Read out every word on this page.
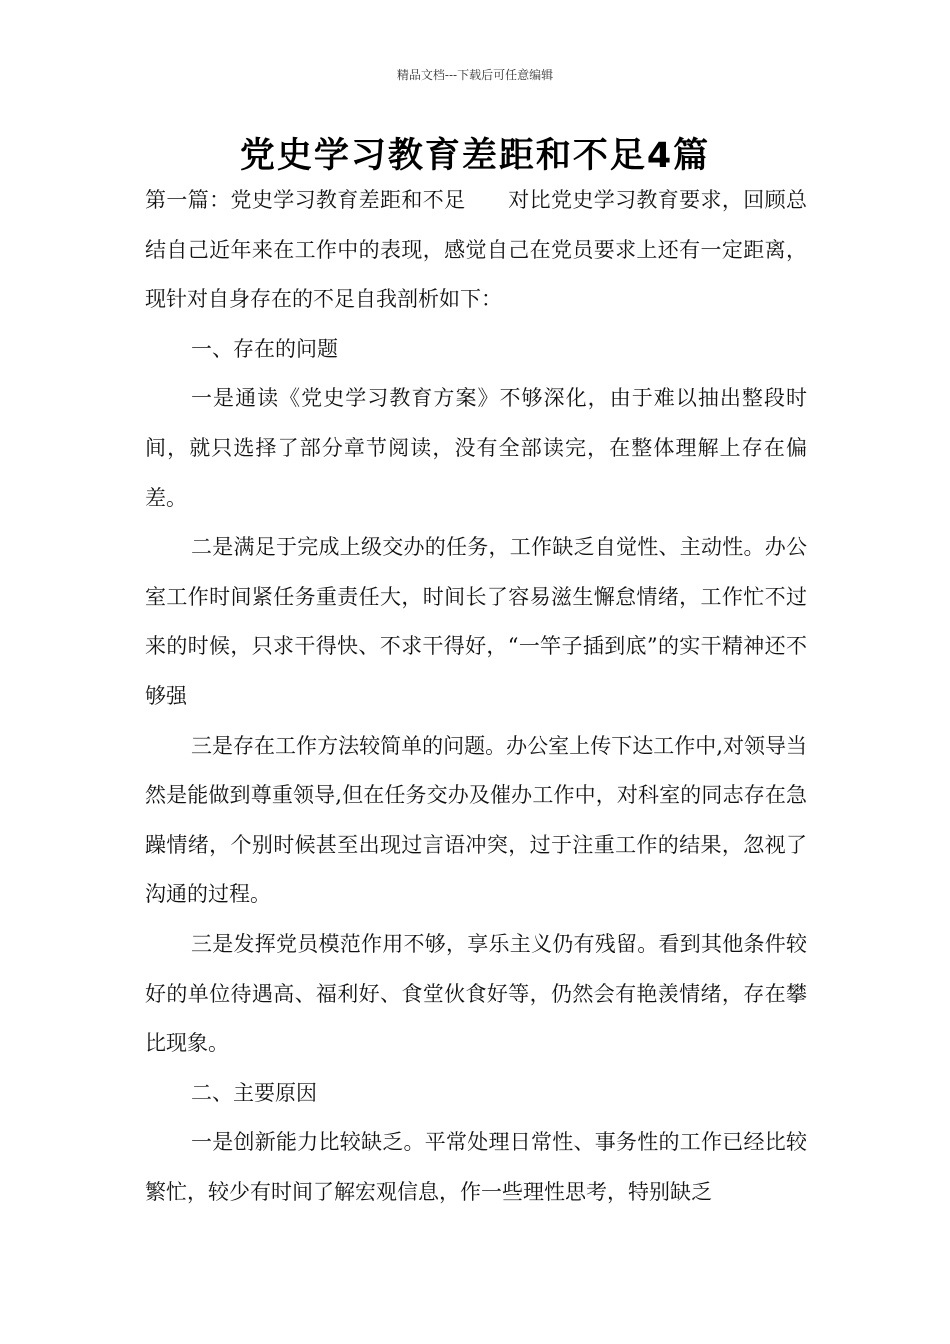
精品文档---下载后可任意编辑
党史学习教育差距和不足4篇

第一篇：党史学习教育差距和不足　　对比党史学习教育要求，回顾总结自己近年来在工作中的表现，感觉自己在党员要求上还有一定距离，现针对自身存在的不足自我剖析如下：

一、存在的问题

一是通读《党史学习教育方案》不够深化，由于难以抽出整段时间，就只选择了部分章节阅读，没有全部读完，在整体理解上存在偏差。

二是满足于完成上级交办的任务，工作缺乏自觉性、主动性。办公室工作时间紧任务重责任大，时间长了容易滋生懈怠情绪，工作忙不过来的时候，只求干得快、不求干得好，“一竿子插到底”的实干精神还不够强

三是存在工作方法较简单的问题。办公室上传下达工作中,对领导当然是能做到尊重领导,但在任务交办及催办工作中，对科室的同志存在急躁情绪，个别时候甚至出现过言语冲突，过于注重工作的结果，忽视了沟通的过程。

三是发挥党员模范作用不够，享乐主义仍有残留。看到其他条件较好的单位待遇高、福利好、食堂伙食好等，仍然会有艳羡情绪，存在攀比现象。

二、主要原因

一是创新能力比较缺乏。平常处理日常性、事务性的工作已经比较繁忙，较少有时间了解宏观信息，作一些理性思考，特别缺乏
